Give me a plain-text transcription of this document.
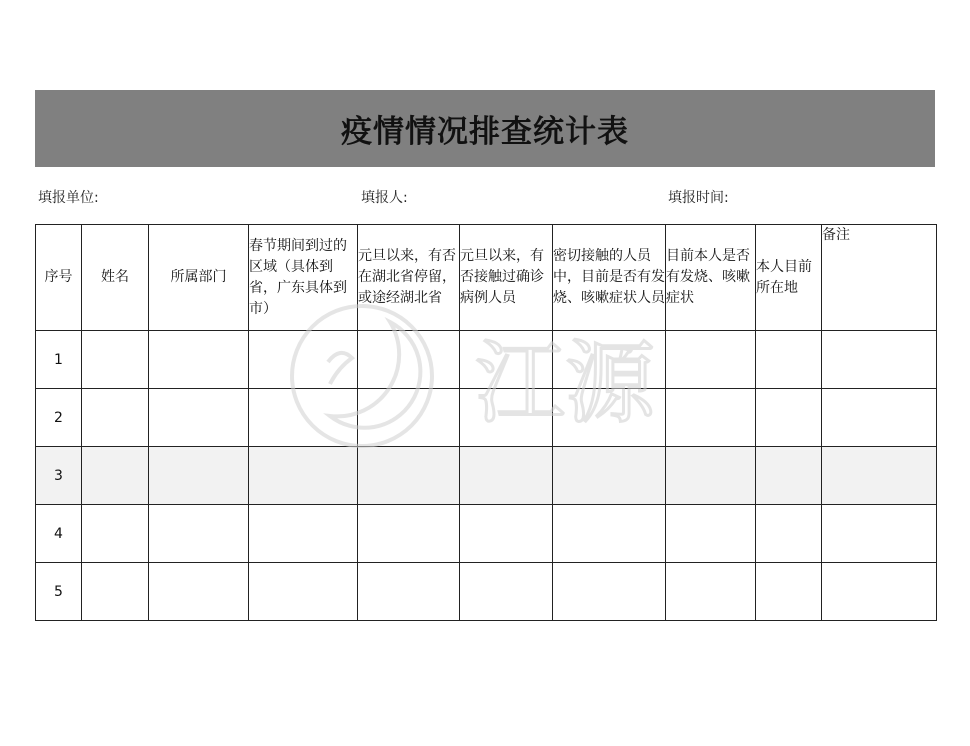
疫情情况排查统计表
填报单位:	填报人:	填报时间:
序号	姓名	所属部门	春节期间到过的区域（具体到省，广东具体到市）	元旦以来，有否在湖北省停留，或途经湖北省	元旦以来，有否接触过确诊病例人员	密切接触的人员中，目前是否有发烧、咳嗽症状人员	目前本人是否有发烧、咳嗽症状	本人目前所在地	备注
1									
2									
3									
4									
5									
江源
